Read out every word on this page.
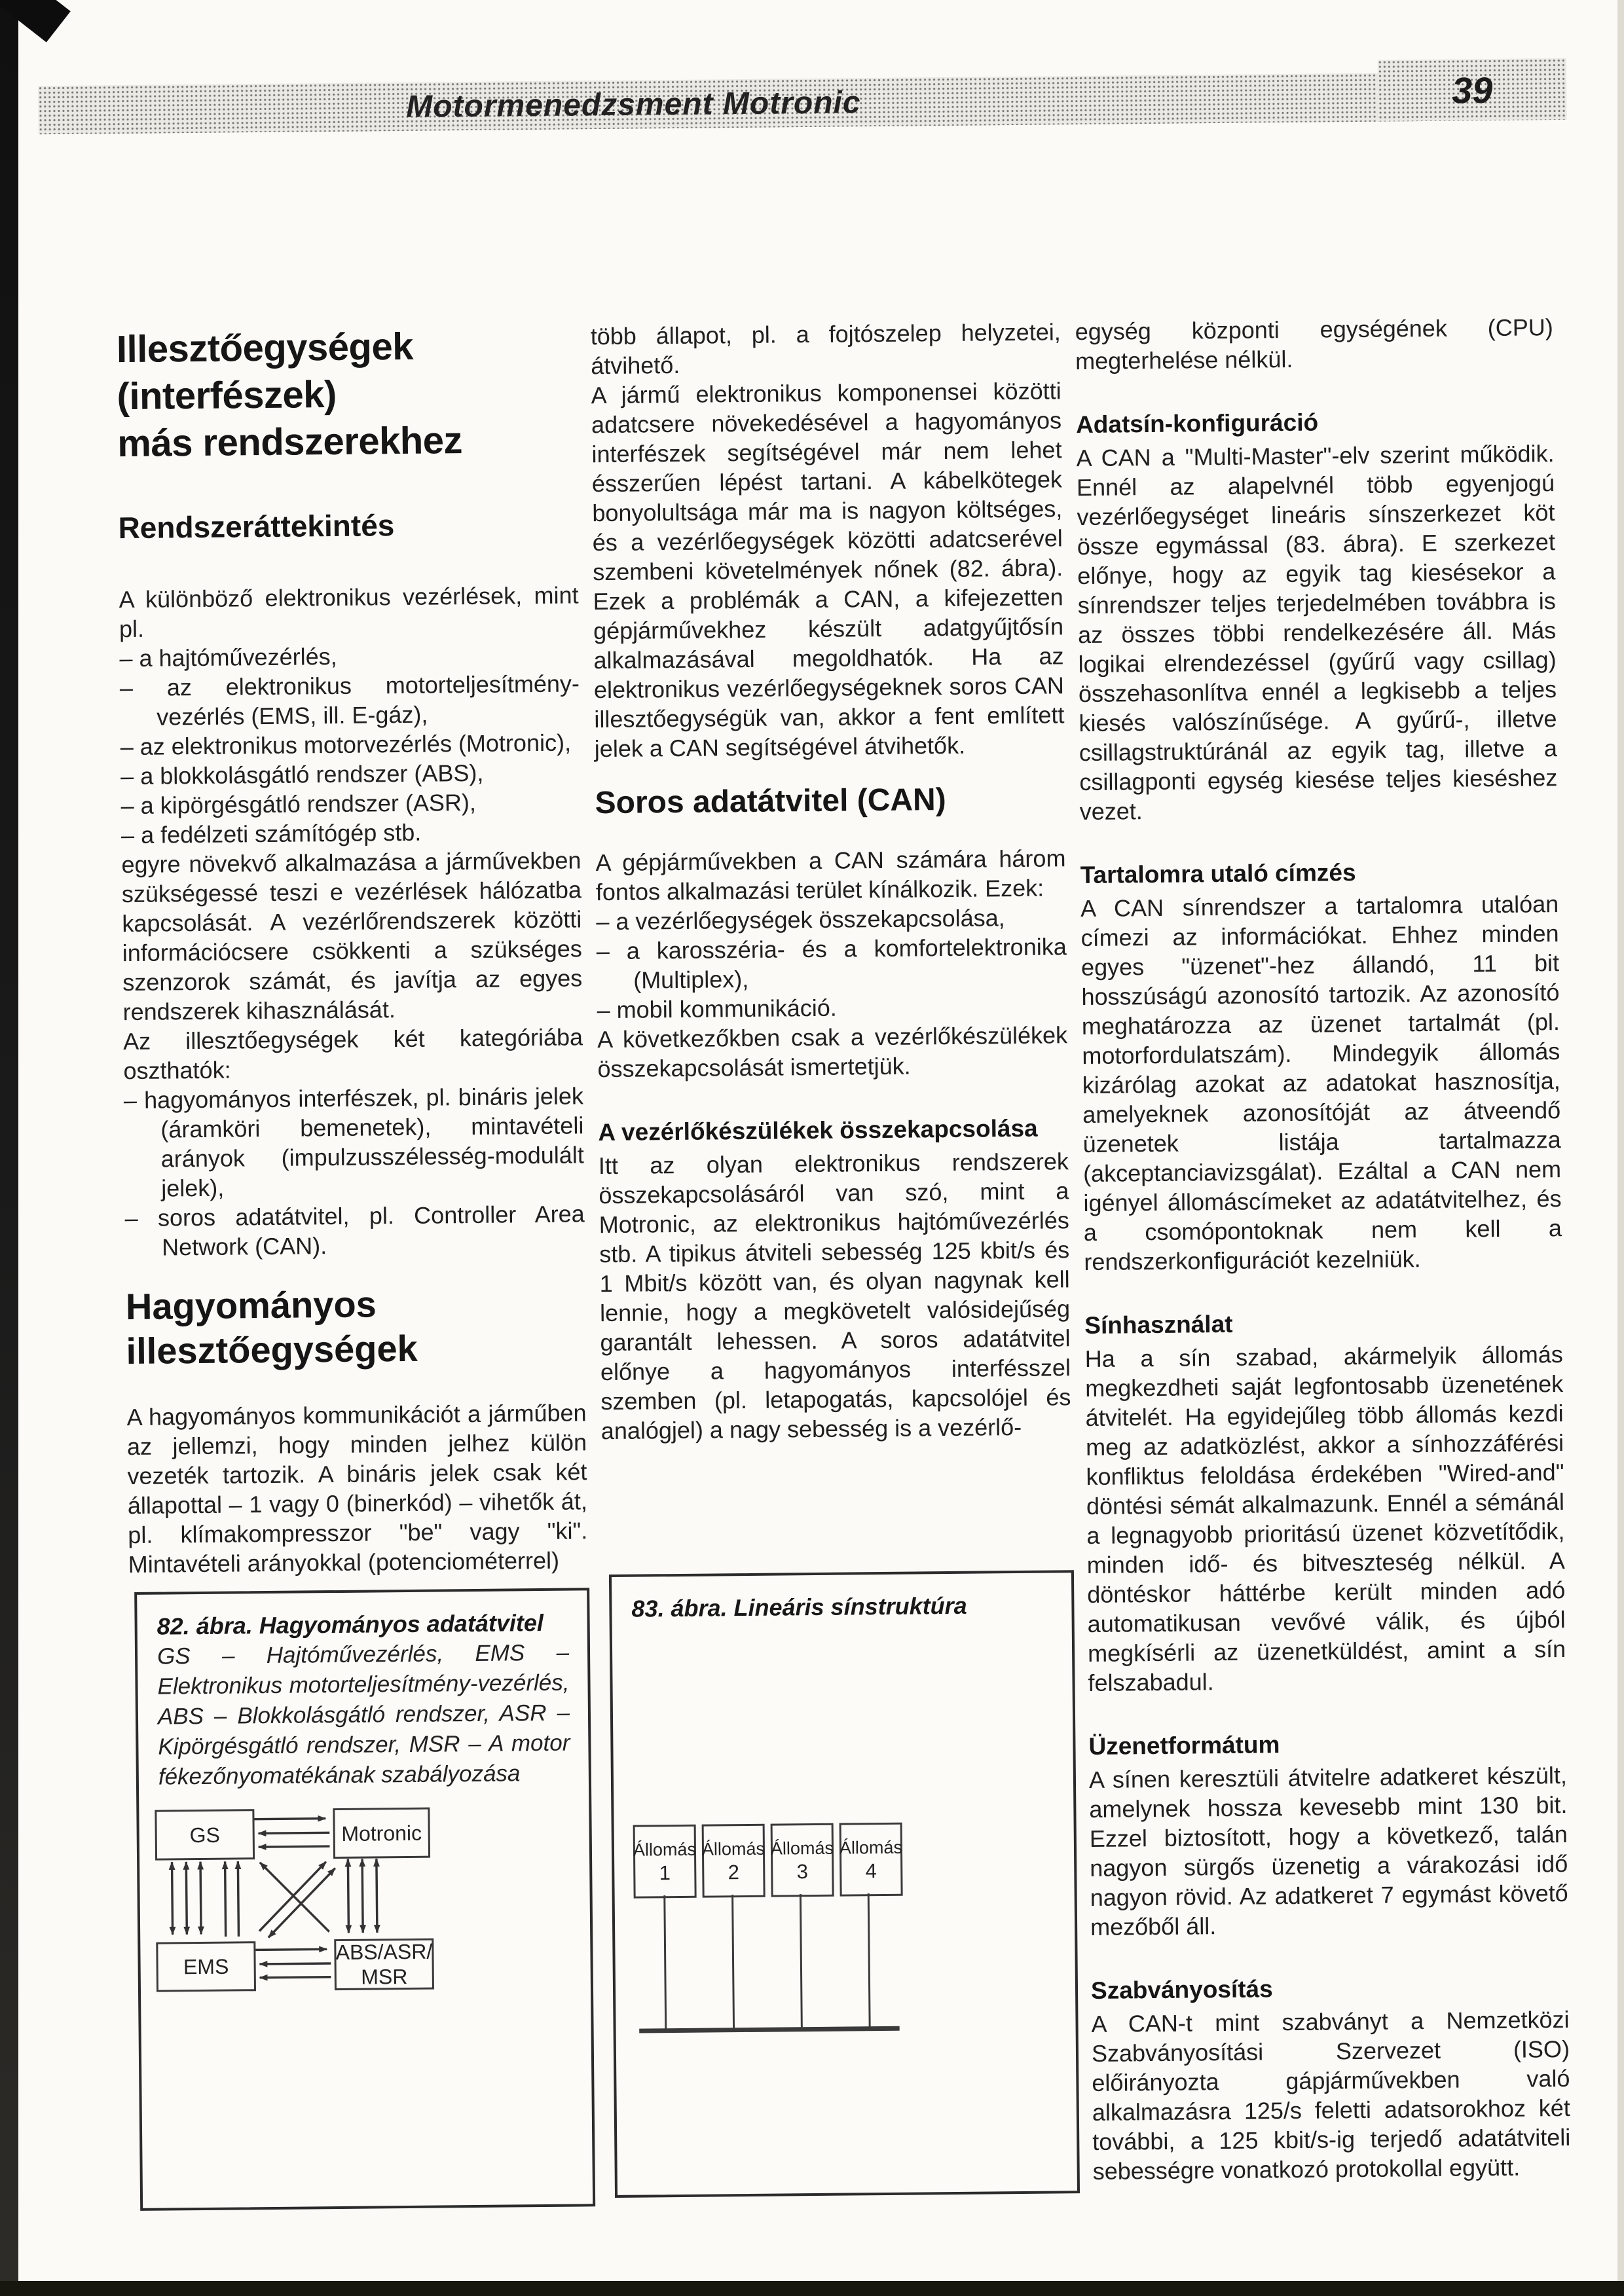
Motormenedzsment Motronic	39
Illesztőegységek
(interfészek)
más rendszerekhez
Rendszeráttekintés

A különböző elektronikus vezérlések, mint pl.

– a hajtóművezérlés,
– az elektronikus motorteljesítmény-vezérlés (EMS, ill. E-gáz),
– az elektronikus motorvezérlés (Motronic),
– a blokkolásgátló rendszer (ABS),
– a kipörgésgátló rendszer (ASR),
– a fedélzeti számítógép stb.

egyre növekvő alkalmazása a járművekben szükségessé teszi e vezérlések hálózatba kapcsolását. A vezérlőrendszerek közötti információcsere csökkenti a szükséges szenzorok számát, és javítja az egyes rendszerek kihasználását.

Az illesztőegységek két kategóriába oszthatók:

– hagyományos interfészek, pl. bináris jelek (áramköri bemenetek), mintavételi arányok (impulzusszélesség-modulált jelek),
– soros adatátvitel, pl. Controller Area Network (CAN).
Hagyományos
illesztőegységek

A hagyományos kommunikációt a járműben az jellemzi, hogy minden jelhez külön vezeték tartozik. A bináris jelek csak két állapottal – 1 vagy 0 (binerkód) – vihetők át, pl. klímakompresszor "be" vagy "ki". Mintavételi arányokkal (potenciométerrel)

több állapot, pl. a fojtószelep helyzetei, átvihető.

A jármű elektronikus komponensei közötti adatcsere növekedésével a hagyományos interfészek segítségével már nem lehet ésszerűen lépést tartani. A kábelkötegek bonyolultsága már ma is nagyon költséges, és a vezérlőegységek közötti adatcserével szembeni követelmények nőnek (82. ábra). Ezek a problémák a CAN, a kifejezetten gépjárművekhez készült adatgyűjtősín alkalmazásával megoldhatók. Ha az elektronikus vezérlőegységeknek soros CAN illesztőegységük van, akkor a fent említett jelek a CAN segítségével átvihetők.

Soros adatátvitel (CAN)

A gépjárművekben a CAN számára három fontos alkalmazási terület kínálkozik. Ezek:

– a vezérlőegységek összekapcsolása,
– a karosszéria- és a komfortelektronika (Multiplex),
– mobil kommunikáció.

A következőkben csak a vezérlőkészülékek összekapcsolását ismertetjük.

A vezérlőkészülékek összekapcsolása

Itt az olyan elektronikus rendszerek összekapcsolásáról van szó, mint a Motronic, az elektronikus hajtóművezérlés stb. A tipikus átviteli sebesség 125 kbit/s és 1 Mbit/s között van, és olyan nagynak kell lennie, hogy a megkövetelt valósidejűség garantált lehessen. A soros adatátvitel előnye a hagyományos interfésszel szemben (pl. letapogatás, kapcsolójel és analógjel) a nagy sebesség is a vezérlő-

egység központi egységének (CPU) megterhelése nélkül.

Adatsín-konfiguráció

A CAN a "Multi-Master"-elv szerint működik. Ennél az alapelvnél több egyenjogú vezérlőegységet lineáris sínszerkezet köt össze egymással (83. ábra). E szerkezet előnye, hogy az egyik tag kiesésekor a sínrendszer teljes terjedelmében továbbra is az összes többi rendelkezésére áll. Más logikai elrendezéssel (gyűrű vagy csillag) összehasonlítva ennél a legkisebb a teljes kiesés valószínűsége. A gyűrű-, illetve csillagstruktúránál az egyik tag, illetve a csillagponti egység kiesése teljes kieséshez vezet.

Tartalomra utaló címzés

A CAN sínrendszer a tartalomra utalóan címezi az információkat. Ehhez minden egyes "üzenet"-hez állandó, 11 bit hosszúságú azonosító tartozik. Az azonosító meghatározza az üzenet tartalmát (pl. motorfordulatszám). Mindegyik állomás kizárólag azokat az adatokat hasznosítja, amelyeknek azonosítóját az átveendő üzenetek listája tartalmazza (akceptanciavizsgálat). Ezáltal a CAN nem igényel állomáscímeket az adatátvitelhez, és a csomópontoknak nem kell a rendszerkonfigurációt kezelniük.

Sínhasználat

Ha a sín szabad, akármelyik állomás megkezdheti saját legfontosabb üzenetének átvitelét. Ha egyidejűleg több állomás kezdi meg az adatközlést, akkor a sínhozzáférési konfliktus feloldása érdekében "Wired-and" döntési sémát alkalmazunk. Ennél a sémánál a legnagyobb prioritású üzenet közvetítődik, minden idő- és bitveszteség nélkül. A döntéskor háttérbe került minden adó automatikusan vevővé válik, és újból megkísérli az üzenetküldést, amint a sín felszabadul.

Üzenetformátum

A sínen keresztüli átvitelre adatkeret készült, amelynek hossza kevesebb mint 130 bit. Ezzel biztosított, hogy a következő, talán nagyon sürgős üzenetig a várakozási idő nagyon rövid. Az adatkeret 7 egymást követő mezőből áll.

Szabványosítás

A CAN-t mint szabványt a Nemzetközi Szabványosítási Szervezet (ISO) előirányozta gápjárművekben való alkalmazásra 125/s feletti adatsorokhoz két további, a 125 kbit/s-ig terjedő adatátviteli sebességre vonatkozó protokollal együtt.

82. ábra. Hagyományos adatátvitel
GS – Hajtóművezérlés, EMS – Elektronikus motorteljesítmény-vezérlés, ABS – Blokkolásgátló rendszer, ASR – Kipörgésgátló rendszer, MSR – A motor fékezőnyomatékának szabályozása
GS	Motronic
EMS
ABS/ASR/
MSR
83. ábra. Lineáris sínstruktúra
Állomás
1
Állomás
2
Állomás
3
Állomás
4
